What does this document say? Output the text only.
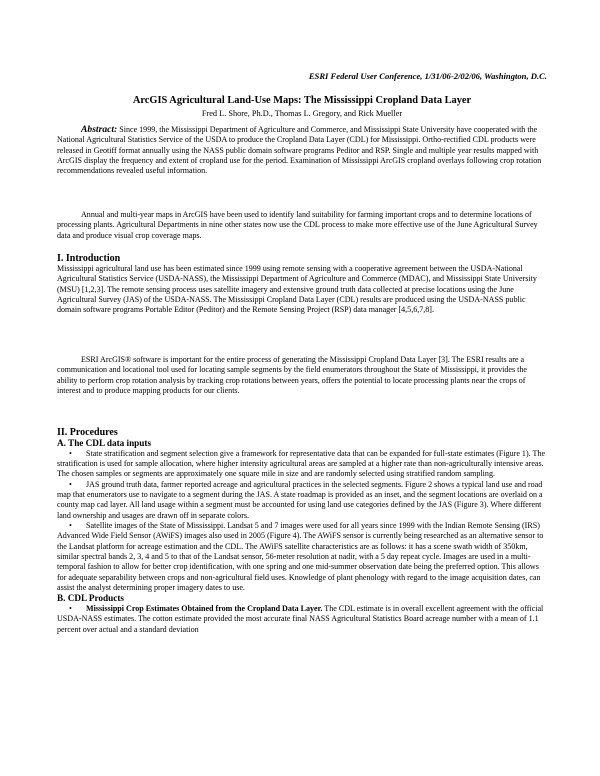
ESRI Federal User Conference, 1/31/06-2/02/06, Washington, D.C.
ArcGIS Agricultural Land-Use Maps: The Mississippi Cropland Data Layer
Fred L. Shore, Ph.D., Thomas L. Gregory, and Rick Mueller

Abstract: Since 1999, the Mississippi Department of Agriculture and Commerce, and Mississippi State University have cooperated with the National Agricultural Statistics Service of the USDA to produce the Cropland Data Layer (CDL) for Mississippi. Ortho-rectified CDL products were released in Geotiff format annually using the NASS public domain software programs Peditor and RSP. Single and multiple year results mapped with ArcGIS display the frequency and extent of cropland use for the period. Examination of Mississippi ArcGIS cropland overlays following crop rotation recommendations revealed useful information.

Annual and multi-year maps in ArcGIS have been used to identify land suitability for farming important crops and to determine locations of processing plants. Agricultural Departments in nine other states now use the CDL process to make more effective use of the June Agricultural Survey data and produce visual crop coverage maps.

I. Introduction

Mississippi agricultural land use has been estimated since 1999 using remote sensing with a cooperative agreement between the USDA-National Agricultural Statistics Service (USDA-NASS), the Mississippi Department of Agriculture and Commerce (MDAC), and Mississippi State University (MSU) [1,2,3]. The remote sensing process uses satellite imagery and extensive ground truth data collected at precise locations using the June Agricultural Survey (JAS) of the USDA-NASS. The Mississippi Cropland Data Layer (CDL) results are produced using the USDA-NASS public domain software programs Portable Editor (Peditor) and the Remote Sensing Project (RSP) data manager [4,5,6,7,8].

ESRI ArcGIS® software is important for the entire process of generating the Mississippi Cropland Data Layer [3]. The ESRI results are a communication and locational tool used for locating sample segments by the field enumerators throughout the State of Mississippi, it provides the ability to perform crop rotation analysis by tracking crop rotations between years, offers the potential to locate processing plants near the crops of interest and to produce mapping products for our clients.

II. Procedures
A. The CDL data inputs

• State stratification and segment selection give a framework for representative data that can be expanded for full-state estimates (Figure 1). The stratification is used for sample allocation, where higher intensity agricultural areas are sampled at a higher rate than non-agriculturally intensive areas. The chosen samples or segments are approximately one square mile in size and are randomly selected using stratified random sampling.

• JAS ground truth data, farmer reported acreage and agricultural practices in the selected segments. Figure 2 shows a typical land use and road map that enumerators use to navigate to a segment during the JAS. A state roadmap is provided as an inset, and the segment locations are overlaid on a county map cad layer. All land usage within a segment must be accounted for using land use categories defined by the JAS (Figure 3). Where different land ownership and usages are drawn off in separate colors.

• Satellite images of the State of Mississippi. Landsat 5 and 7 images were used for all years since 1999 with the Indian Remote Sensing (IRS) Advanced Wide Field Sensor (AWiFS) images also used in 2005 (Figure 4). The AWiFS sensor is currently being researched as an alternative sensor to the Landsat platform for acreage estimation and the CDL. The AWiFS satellite characteristics are as follows: it has a scene swath width of 350km, similar spectral bands 2, 3, 4 and 5 to that of the Landsat sensor, 56-meter resolution at nadir, with a 5 day repeat cycle. Images are used in a multi-temporal fashion to allow for better crop identification, with one spring and one mid-summer observation date being the preferred option. This allows for adequate separability between crops and non-agricultural field uses. Knowledge of plant phenology with regard to the image acquisition dates, can assist the analyst determining proper imagery dates to use.

B. CDL Products

• Mississippi Crop Estimates Obtained from the Cropland Data Layer. The CDL estimate is in overall excellent agreement with the official USDA-NASS estimates. The cotton estimate provided the most accurate final NASS Agricultural Statistics Board acreage number with a mean of 1.1 percent over actual and a standard deviation
